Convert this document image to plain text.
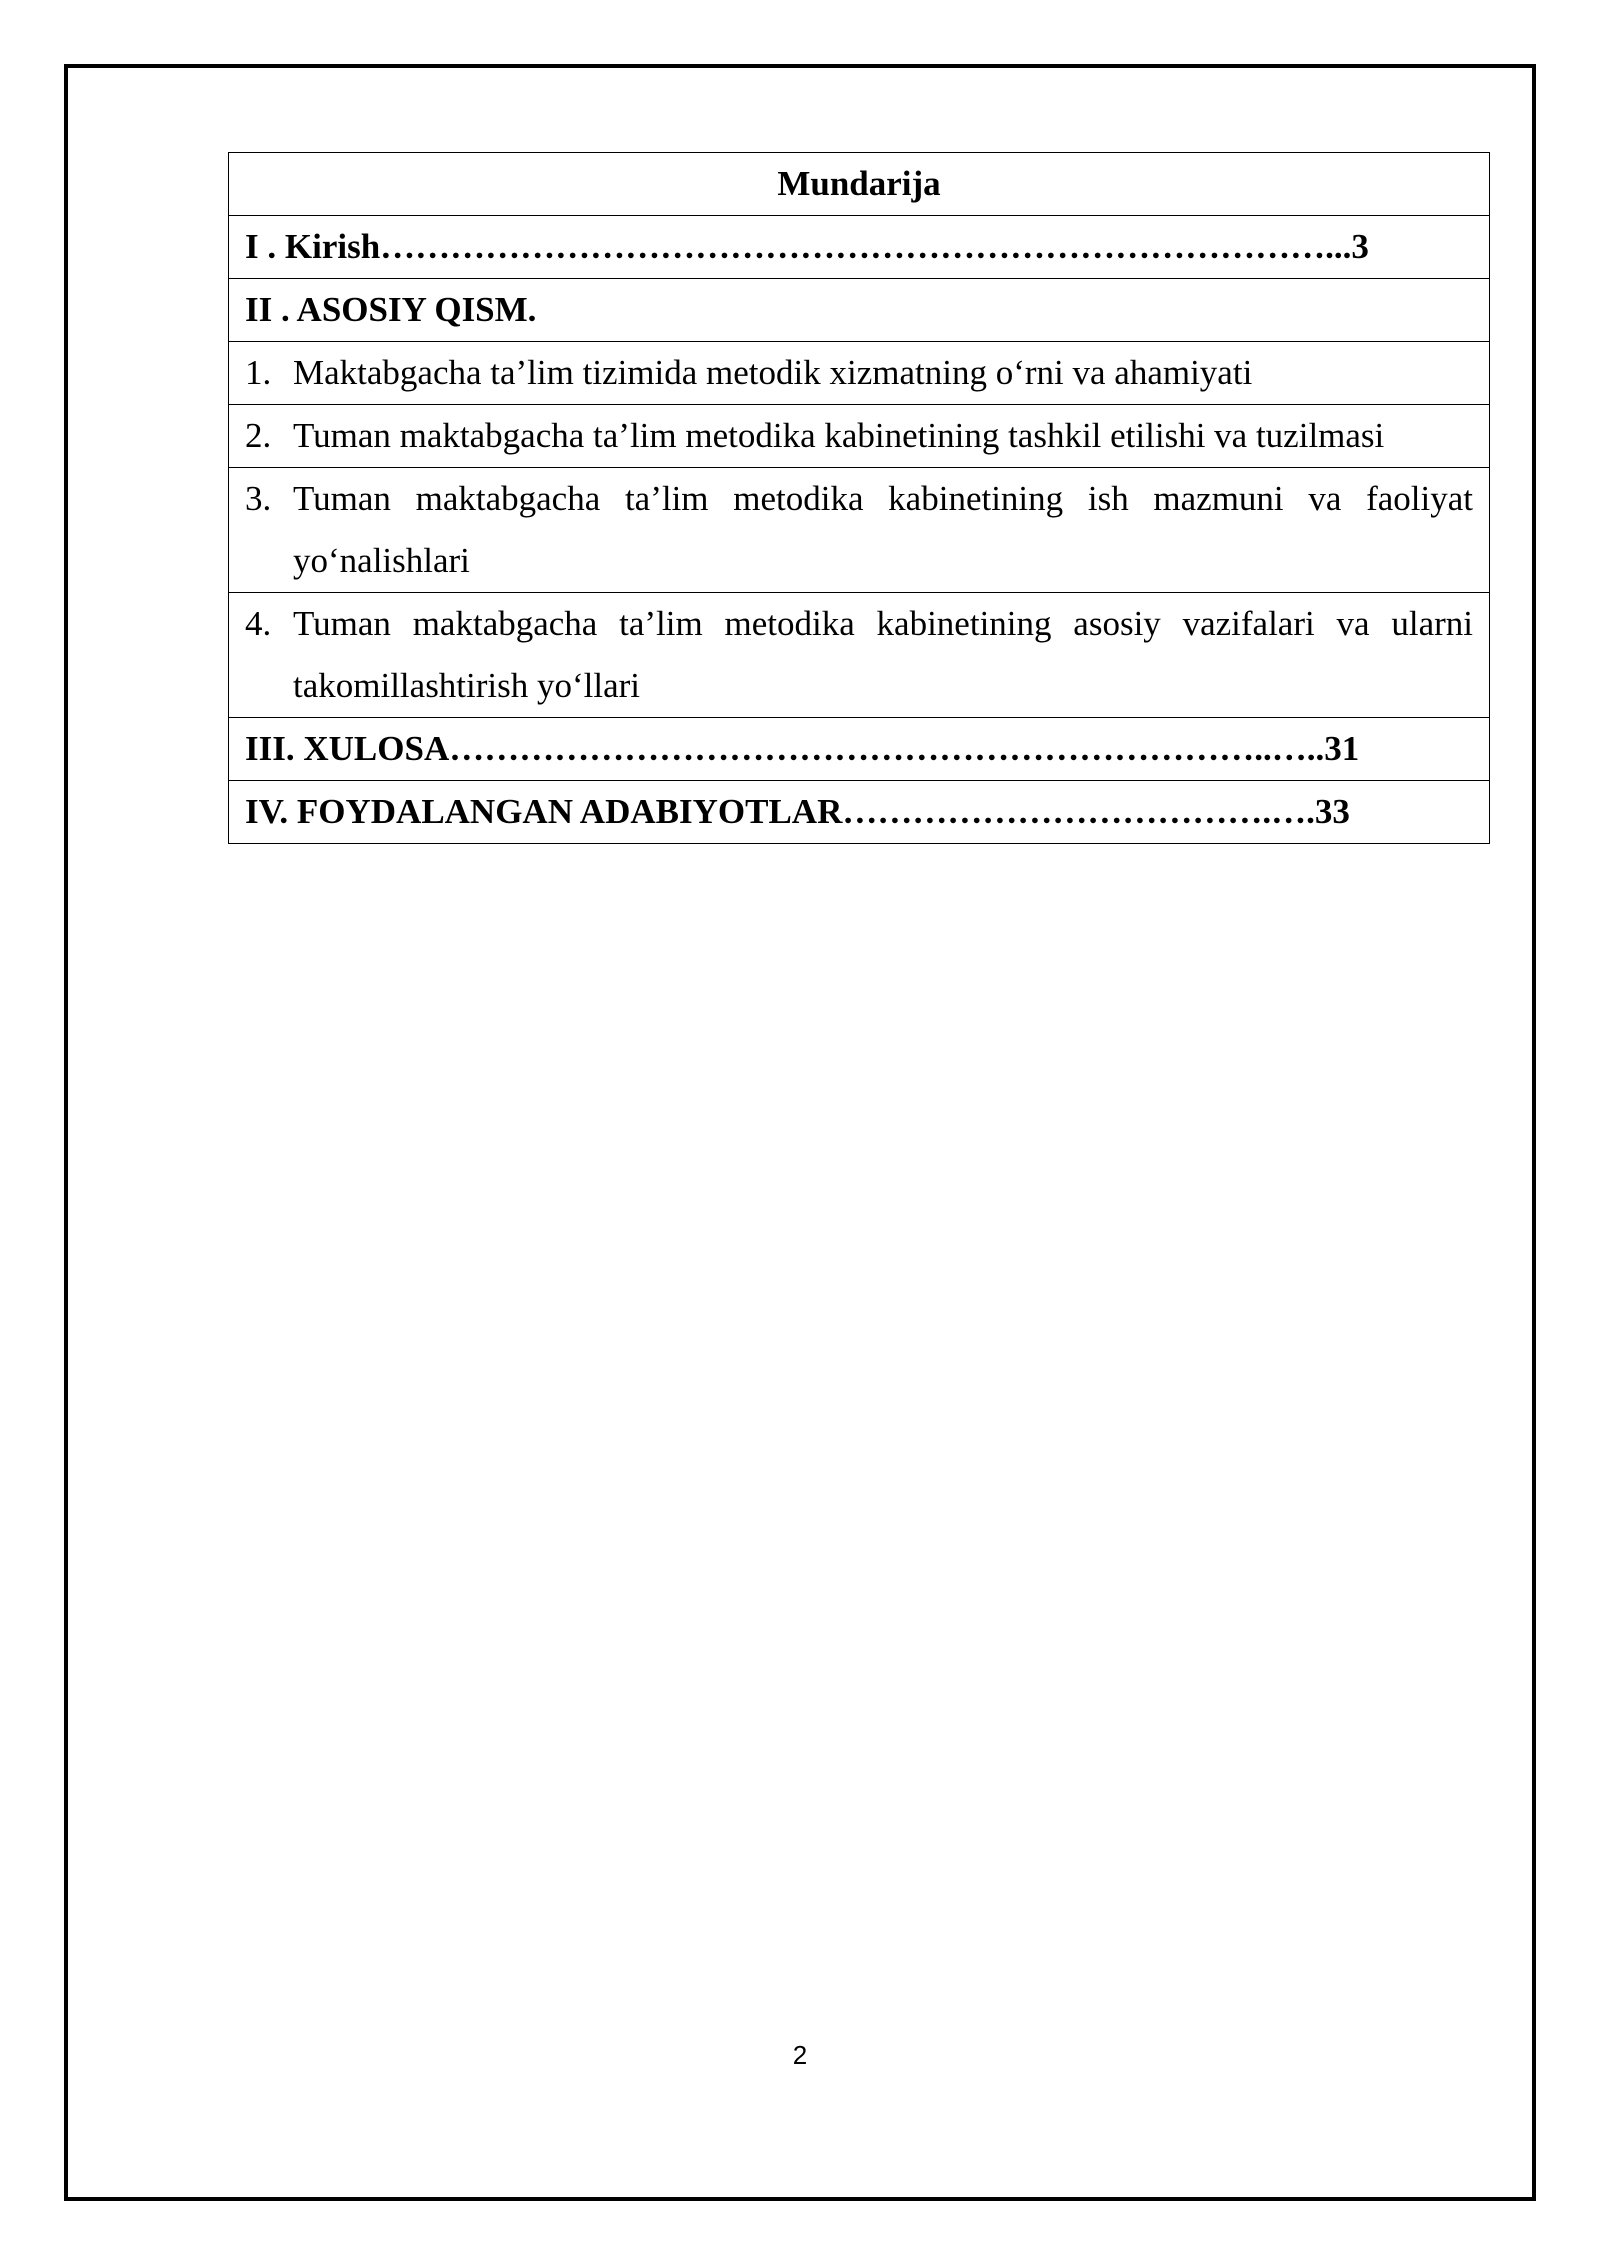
Mundarija
I . Kirish………………………………………………………………………...3
II . ASOSIY QISM.

1. Maktabgacha ta’lim tizimida metodik xizmatning o‘rni va ahamiyati

2. Tuman maktabgacha ta’lim metodika kabinetining tashkil etilishi va tuzilmasi

3. Tuman maktabgacha ta’lim metodika kabinetining ish mazmuni va faoliyat yo‘nalishlari

4. Tuman maktabgacha ta’lim metodika kabinetining asosiy vazifalari va ularni takomillashtirish yo‘llari

III. XULOSA……………………………………………………………..…..31
IV. FOYDALANGAN ADABIYOTLAR……………………………….….33
2
